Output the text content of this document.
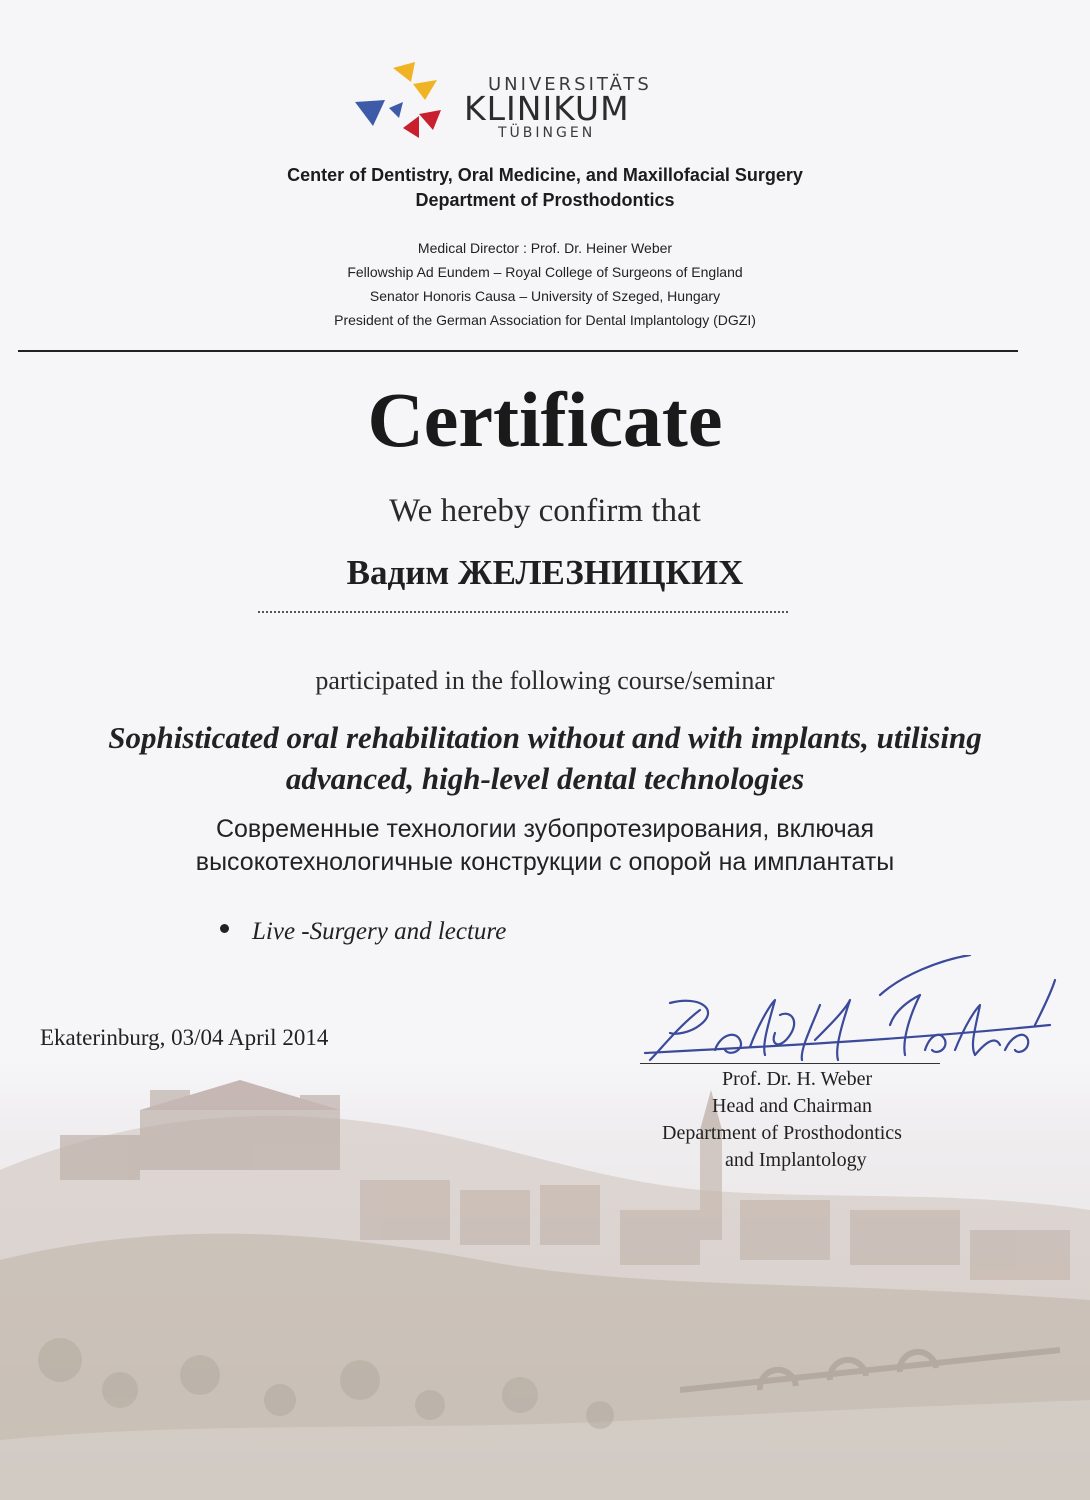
UNIVERSITÄTS
KLINIKUM
TÜBINGEN
Center of Dentistry, Oral Medicine, and Maxillofacial Surgery
Department of Prosthodontics
Medical Director : Prof. Dr. Heiner Weber
Fellowship Ad Eundem – Royal College of Surgeons of England
Senator Honoris Causa – University of Szeged, Hungary
President of the German Association for Dental Implantology (DGZI)
Certificate
We hereby confirm that
Вадим ЖЕЛЕЗНИЦКИХ
participated in the following course/seminar
Sophisticated oral rehabilitation without and with implants, utilising
advanced, high-level dental technologies
Современные технологии зубопротезирования, включая
высокотехнологичные конструкции с опорой на имплантаты
Live -Surgery and lecture
Ekaterinburg, 03/04 April 2014
Prof. Dr. H. Weber
Head and Chairman
Department of Prosthodontics
and Implantology
